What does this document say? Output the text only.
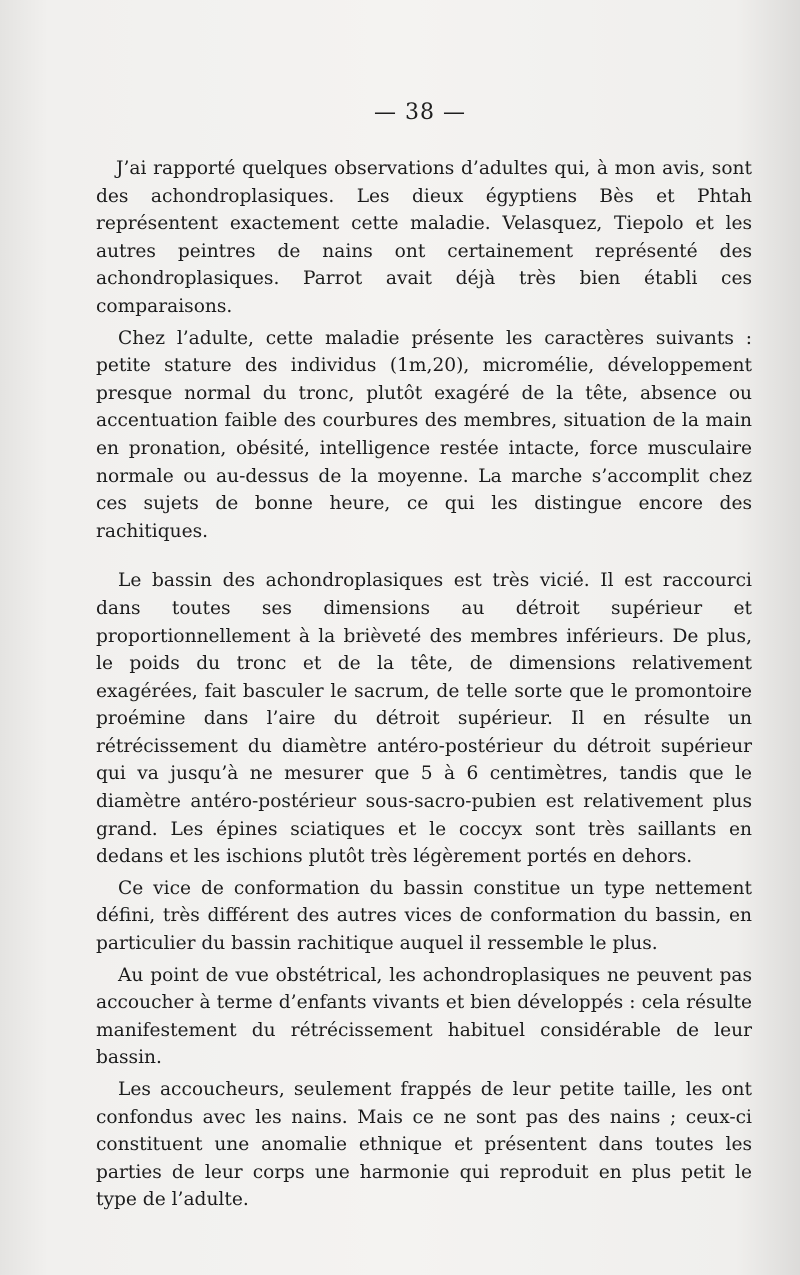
— 38 —

J’ai rapporté quelques observations d’adultes qui, à mon avis, sont des achondroplasiques. Les dieux égyptiens Bès et Phtah représentent exactement cette maladie. Velasquez, Tiepolo et les autres peintres de nains ont certainement représenté des achondroplasiques. Parrot avait déjà très bien établi ces comparaisons.

Chez l’adulte, cette maladie présente les caractères suivants : petite stature des individus (1m,20), micromélie, développement presque normal du tronc, plutôt exagéré de la tête, absence ou accentuation faible des courbures des membres, situation de la main en pronation, obésité, intelligence restée intacte, force musculaire normale ou au-dessus de la moyenne. La marche s’accomplit chez ces sujets de bonne heure, ce qui les distingue encore des rachitiques.

Le bassin des achondroplasiques est très vicié. Il est raccourci dans toutes ses dimensions au détroit supérieur et proportionnellement à la brièveté des membres inférieurs. De plus, le poids du tronc et de la tête, de dimensions relativement exagérées, fait basculer le sacrum, de telle sorte que le promontoire proémine dans l’aire du détroit supérieur. Il en résulte un rétrécissement du diamètre antéro-postérieur du détroit supérieur qui va jusqu’à ne mesurer que 5 à 6 centimètres, tandis que le diamètre antéro-postérieur sous-sacro-pubien est relativement plus grand. Les épines sciatiques et le coccyx sont très saillants en dedans et les ischions plutôt très légèrement portés en dehors.

Ce vice de conformation du bassin constitue un type nettement défini, très différent des autres vices de conformation du bassin, en particulier du bassin rachitique auquel il ressemble le plus.

Au point de vue obstétrical, les achondroplasiques ne peuvent pas accoucher à terme d’enfants vivants et bien développés : cela résulte manifestement du rétrécissement habituel considérable de leur bassin.

Les accoucheurs, seulement frappés de leur petite taille, les ont confondus avec les nains. Mais ce ne sont pas des nains ; ceux-ci constituent une anomalie ethnique et présentent dans toutes les parties de leur corps une harmonie qui reproduit en plus petit le type de l’adulte.
